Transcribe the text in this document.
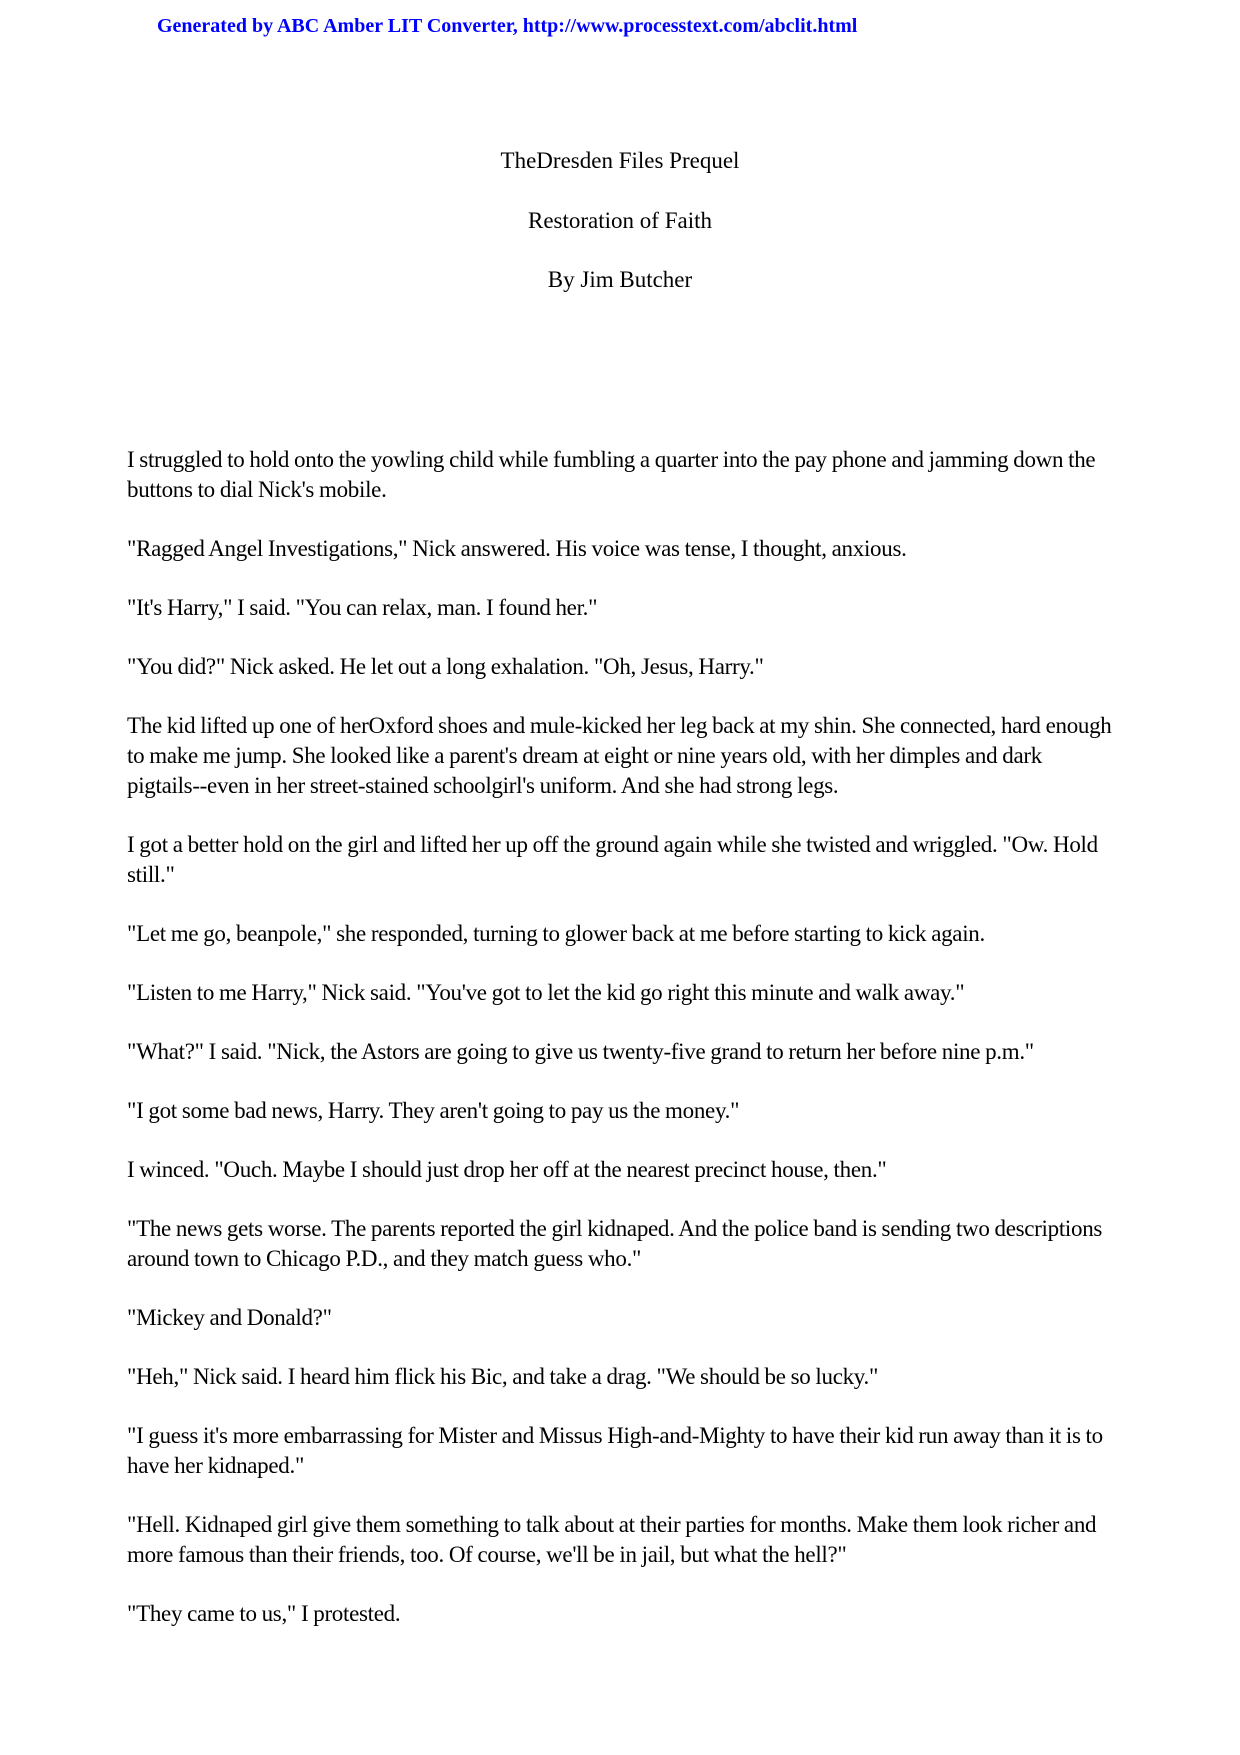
Generated by ABC Amber LIT Converter, http://www.processtext.com/abclit.html
TheDresden Files Prequel
Restoration of Faith
By Jim Butcher

I struggled to hold onto the yowling child while fumbling a quarter into the pay phone and jamming down the buttons to dial Nick's mobile.

"Ragged Angel Investigations," Nick answered. His voice was tense, I thought, anxious.

"It's Harry," I said. "You can relax, man. I found her."

"You did?" Nick asked. He let out a long exhalation. "Oh, Jesus, Harry."

The kid lifted up one of herOxford shoes and mule-kicked her leg back at my shin. She connected, hard enough to make me jump. She looked like a parent's dream at eight or nine years old, with her dimples and dark pigtails--even in her street-stained schoolgirl's uniform. And she had strong legs.

I got a better hold on the girl and lifted her up off the ground again while she twisted and wriggled. "Ow. Hold still."

"Let me go, beanpole," she responded, turning to glower back at me before starting to kick again.

"Listen to me Harry," Nick said. "You've got to let the kid go right this minute and walk away."

"What?" I said. "Nick, the Astors are going to give us twenty-five grand to return her before nine p.m."

"I got some bad news, Harry. They aren't going to pay us the money."

I winced. "Ouch. Maybe I should just drop her off at the nearest precinct house, then."

"The news gets worse. The parents reported the girl kidnaped. And the police band is sending two descriptions around town to Chicago P.D., and they match guess who."

"Mickey and Donald?"

"Heh," Nick said. I heard him flick his Bic, and take a drag. "We should be so lucky."

"I guess it's more embarrassing for Mister and Missus High-and-Mighty to have their kid run away than it is to have her kidnaped."

"Hell. Kidnaped girl give them something to talk about at their parties for months. Make them look richer and more famous than their friends, too. Of course, we'll be in jail, but what the hell?"

"They came to us," I protested.
